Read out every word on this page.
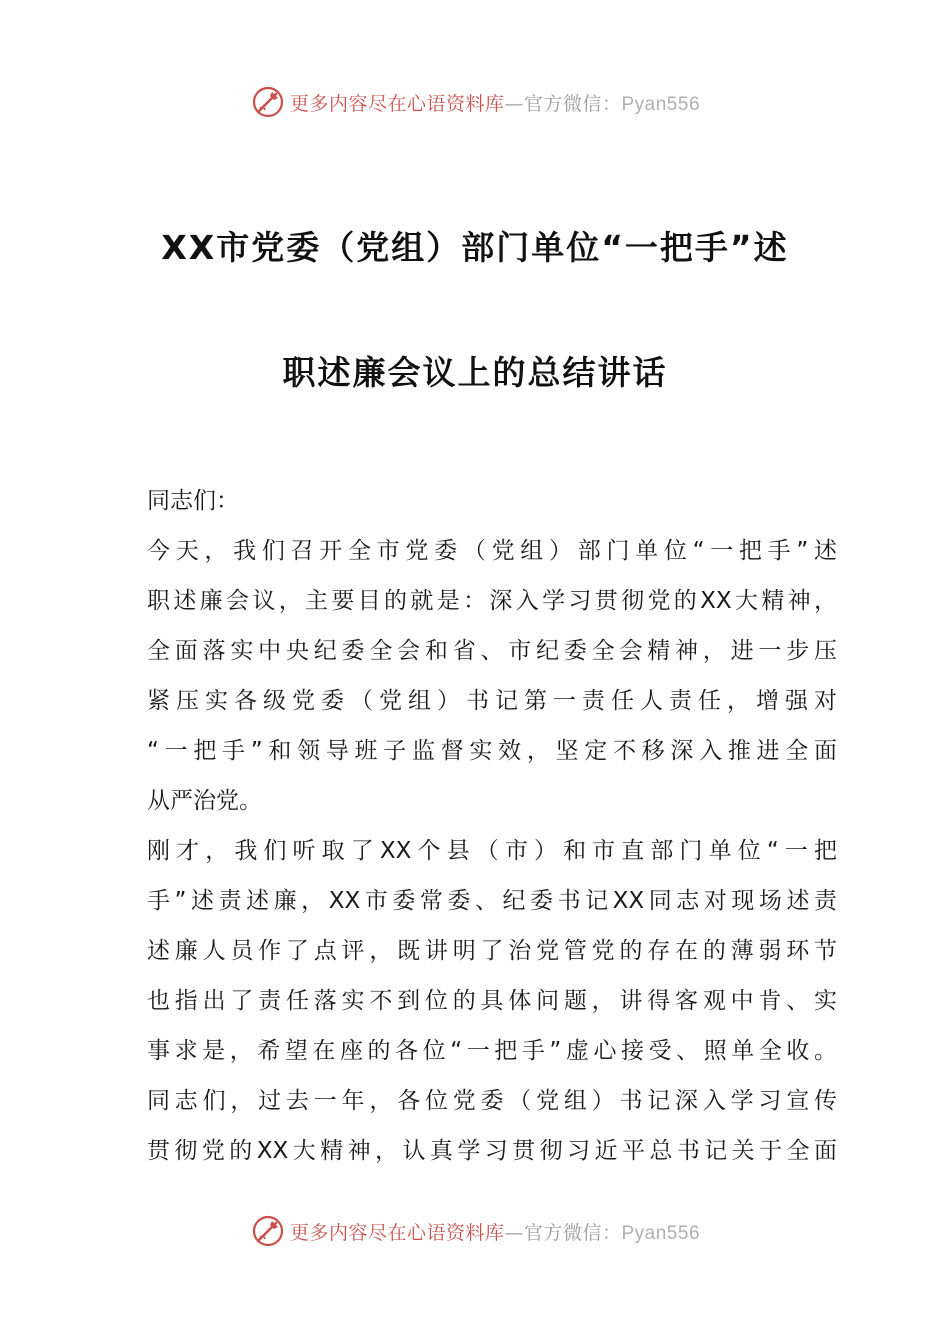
更多内容尽在心语资料库—官方微信：Pyan556
XX市党委（党组）部门单位“一把手”述
职述廉会议上的总结讲话
同志们：
今天，我们召开全市党委（党组）部门单位“一把手”述
职述廉会议，主要目的就是：深入学习贯彻党的XX大精神，
全面落实中央纪委全会和省、市纪委全会精神，进一步压
紧压实各级党委（党组）书记第一责任人责任，增强对
“一把手”和领导班子监督实效，坚定不移深入推进全面
从严治党。
刚才，我们听取了XX个县（市）和市直部门单位“一把
手”述责述廉，XX市委常委、纪委书记XX同志对现场述责
述廉人员作了点评，既讲明了治党管党的存在的薄弱环节
也指出了责任落实不到位的具体问题，讲得客观中肯、实
事求是，希望在座的各位“一把手”虚心接受、照单全收。
同志们，过去一年，各位党委（党组）书记深入学习宣传
贯彻党的XX大精神，认真学习贯彻习近平总书记关于全面
更多内容尽在心语资料库—官方微信：Pyan556
